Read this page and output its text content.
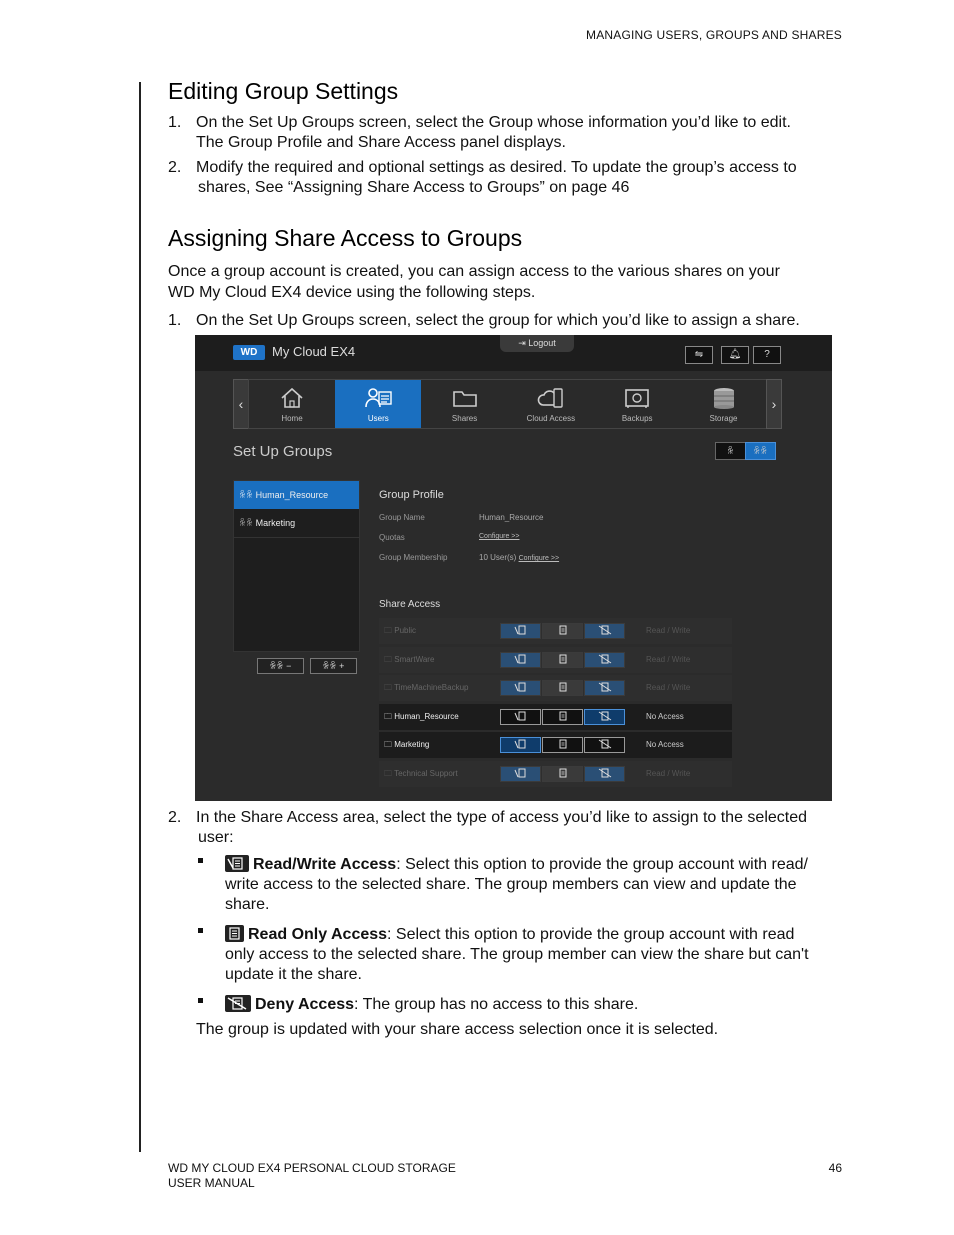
MANAGING USERS, GROUPS AND SHARES
Editing Group Settings
1. On the Set Up Groups screen, select the Group whose information you’d like to edit.
The Group Profile and Share Access panel displays.
2. Modify the required and optional settings as desired. To update the group’s access to
shares, See “Assigning Share Access to Groups” on page 46
Assigning Share Access to Groups
Once a group account is created, you can assign access to the various shares on your
WD My Cloud EX4 device using the following steps.
1. On the Set Up Groups screen, select the group for which you’d like to assign a share.
WD	My Cloud EX4
⇥ Logout
⇋	🔔︎	?
‹
Home	Users	Shares	Cloud Access	Backups	Storage
›
Set Up Groups	ꆜ	ꆜꆜ
ꆜꆜ Human_Resource
ꆜꆜ Marketing
ꆜꆜ −	ꆜꆜ +
Group Profile
Group Name	Human_Resource
Quotas	Configure >>
Group Membership	10 User(s) Configure >>
Share Access
🗀 Public	Read / Write
🗀 SmartWare	Read / Write
🗀 TimeMachineBackup	Read / Write
🗀 Human_Resource	No Access
🗀 Marketing	No Access
🗀 Technical Support	Read / Write
2. In the Share Access area, select the type of access you’d like to assign to the selected
user:
Read/Write Access: Select this option to provide the group account with read/
write access to the selected share. The group members can view and update the
share.
Read Only Access: Select this option to provide the group account with read
only access to the selected share. The group member can view the share but can't
update it the share.
Deny Access: The group has no access to this share.
The group is updated with your share access selection once it is selected.
WD MY CLOUD EX4 PERSONAL CLOUD STORAGE
USER MANUAL
46
